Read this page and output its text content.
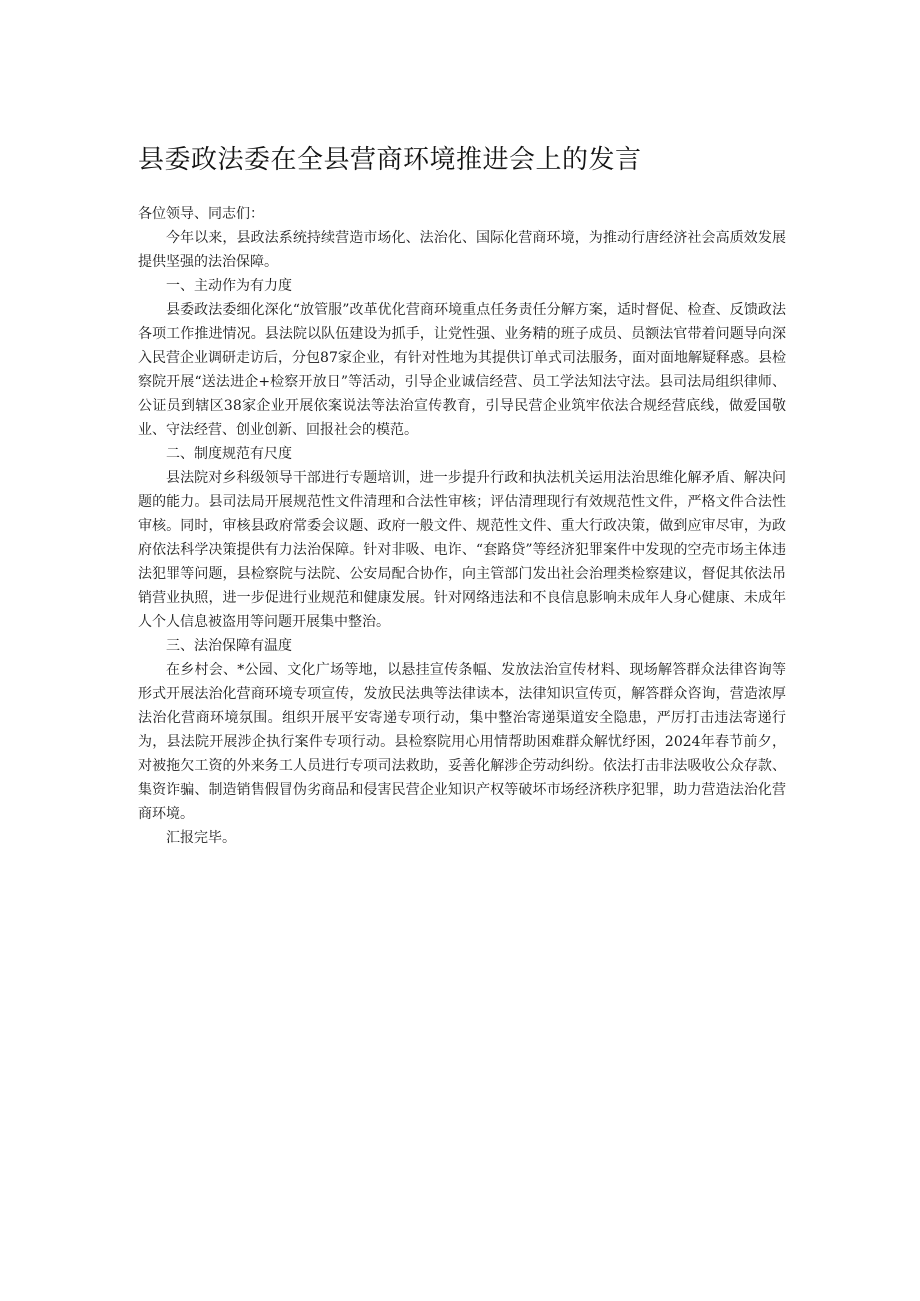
县委政法委在全县营商环境推进会上的发言

各位领导、同志们：

今年以来，县政法系统持续营造市场化、法治化、国际化营商环境，为推动行唐经济社会高质效发展提供坚强的法治保障。

一、主动作为有力度

县委政法委细化深化“放管服”改革优化营商环境重点任务责任分解方案，适时督促、检查、反馈政法各项工作推进情况。县法院以队伍建设为抓手，让党性强、业务精的班子成员、员额法官带着问题导向深入民营企业调研走访后，分包87家企业，有针对性地为其提供订单式司法服务，面对面地解疑释惑。县检察院开展“送法进企+检察开放日”等活动，引导企业诚信经营、员工学法知法守法。县司法局组织律师、公证员到辖区38家企业开展依案说法等法治宣传教育，引导民营企业筑牢依法合规经营底线，做爱国敬业、守法经营、创业创新、回报社会的模范。

二、制度规范有尺度

县法院对乡科级领导干部进行专题培训，进一步提升行政和执法机关运用法治思维化解矛盾、解决问题的能力。县司法局开展规范性文件清理和合法性审核；评估清理现行有效规范性文件，严格文件合法性审核。同时，审核县政府常委会议题、政府一般文件、规范性文件、重大行政决策，做到应审尽审，为政府依法科学决策提供有力法治保障。针对非吸、电诈、“套路贷”等经济犯罪案件中发现的空壳市场主体违法犯罪等问题，县检察院与法院、公安局配合协作，向主管部门发出社会治理类检察建议，督促其依法吊销营业执照，进一步促进行业规范和健康发展。针对网络违法和不良信息影响未成年人身心健康、未成年人个人信息被盗用等问题开展集中整治。

三、法治保障有温度

在乡村会、*公园、文化广场等地，以悬挂宣传条幅、发放法治宣传材料、现场解答群众法律咨询等形式开展法治化营商环境专项宣传，发放民法典等法律读本，法律知识宣传页，解答群众咨询，营造浓厚法治化营商环境氛围。组织开展平安寄递专项行动，集中整治寄递渠道安全隐患，严厉打击违法寄递行为，县法院开展涉企执行案件专项行动。县检察院用心用情帮助困难群众解忧纾困，2024年春节前夕，对被拖欠工资的外来务工人员进行专项司法救助，妥善化解涉企劳动纠纷。依法打击非法吸收公众存款、集资诈骗、制造销售假冒伪劣商品和侵害民营企业知识产权等破坏市场经济秩序犯罪，助力营造法治化营商环境。

汇报完毕。
